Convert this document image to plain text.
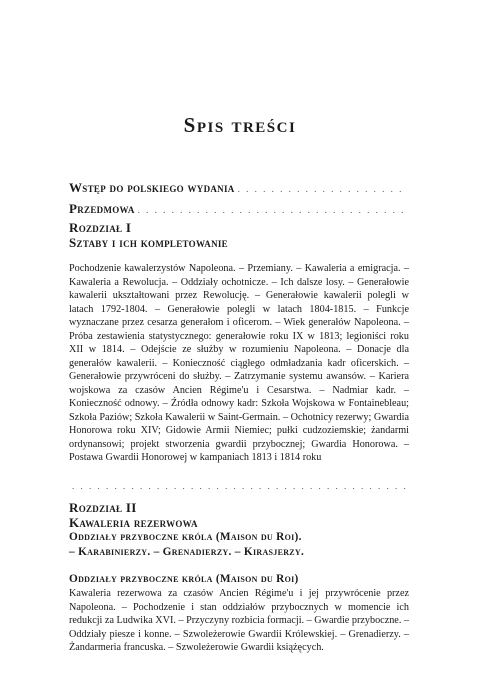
Spis treści
Wstęp do polskiego wydania
. . .
Przedmowa
. . .
Rozdział I
Sztaby i ich kompletowanie

Pochodzenie kawalerzystów Napoleona. – Przemiany. – Kawaleria a emigracja. – Kawaleria a Rewolucja. – Oddziały ochotnicze. – Ich dalsze losy. – Generałowie kawalerii ukształtowani przez Rewolucję. – Generałowie kawalerii polegli w latach 1792-1804. – Generałowie polegli w latach 1804-1815. – Funkcje wyznaczane przez cesarza generałom i oficerom. – Wiek generałów Napoleona. – Próba zestawienia statystycznego: generałowie roku IX w 1813; legioniści roku XII w 1814. – Odejście ze służby w rozumieniu Napoleona. – Donacje dla generałów kawalerii. – Konieczność ciągłego odmładzania kadr oficerskich. – Generałowie przywróceni do służby. – Zatrzymanie systemu awansów. – Kariera wojskowa za czasów Ancien Régime'u i Cesarstwa. – Nadmiar kadr. – Konieczność odnowy. – Źródła odnowy kadr: Szkoła Wojskowa w Fontainebleau; Szkoła Paziów; Szkoła Kawalerii w Saint-Germain. – Ochotnicy rezerwy; Gwardia Honorowa roku XIV; Gidowie Armii Niemiec; pułki cudzoziemskie; żandarmi ordynansowi; projekt stworzenia gwardii przybocznej; Gwardia Honorowa. – Postawa Gwardii Honorowej w kampaniach 1813 i 1814 roku

. . .
Rozdział II
Kawaleria rezerwowa
Oddziały przyboczne króla (Maison du Roi).
– Karabinierzy. – Grenadierzy. – Kirasjerzy.
Oddziały przyboczne króla (Maison du Roi)

Kawaleria rezerwowa za czasów Ancien Régime'u i jej przywrócenie przez Napoleona. – Pochodzenie i stan oddziałów przybocznych w momencie ich redukcji za Ludwika XVI. – Przyczyny rozbicia formacji. – Gwardie przyboczne. – Oddziały piesze i konne. – Szwoleżerowie Gwardii Królewskiej. – Grenadierzy. – Żandarmeria francuska. – Szwoleżerowie Gwardii książęcych.
